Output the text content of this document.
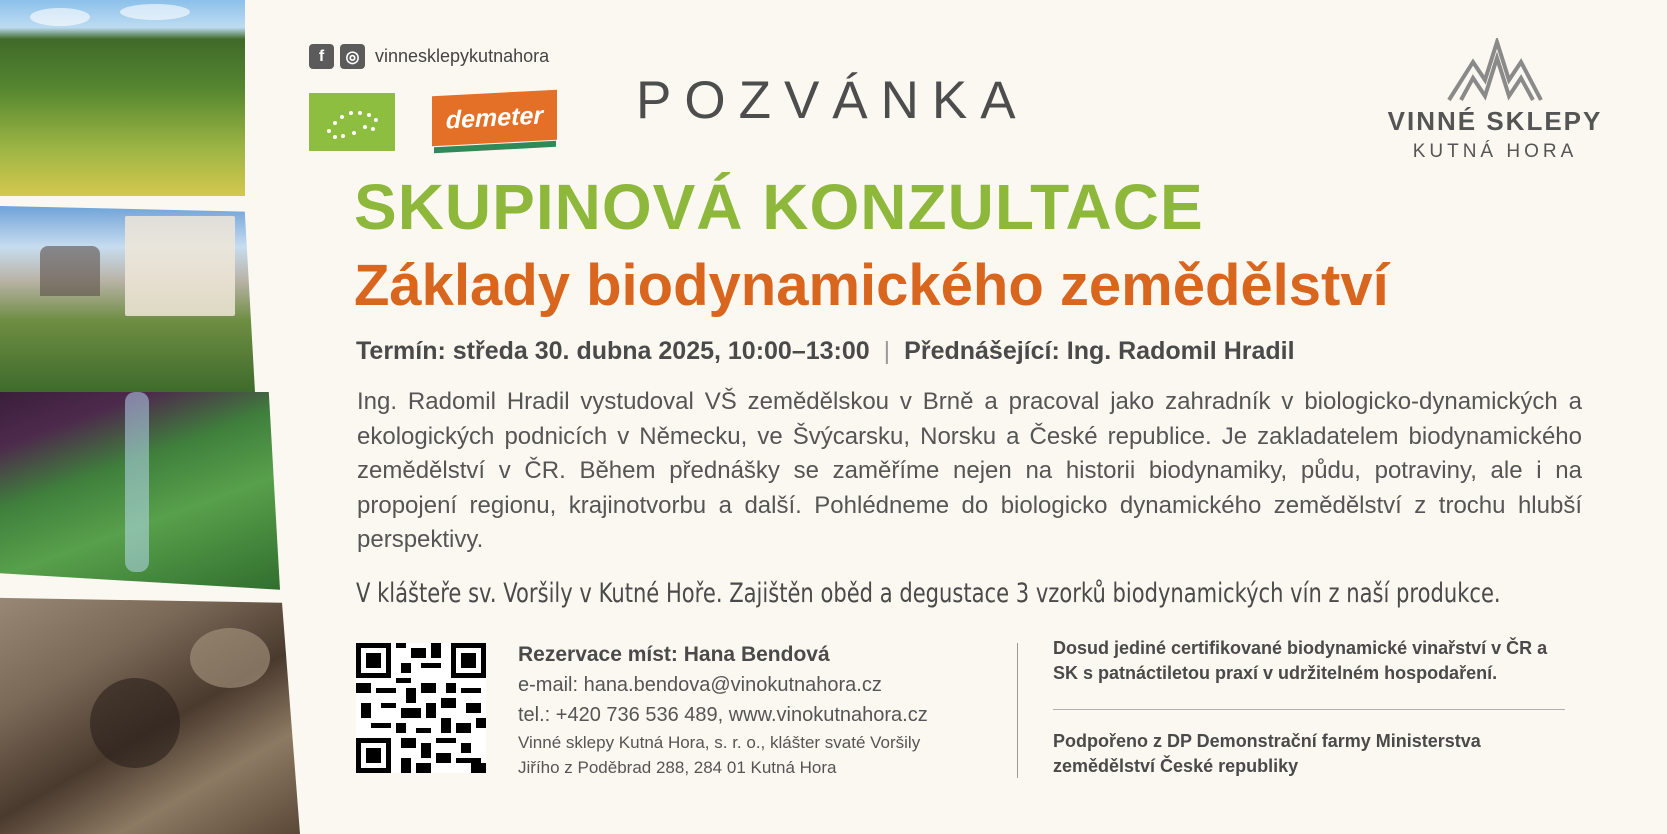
f ◎ vinnesklepykutnahora
demeter POZVÁNKA	VINNÉ SKLEPY
KUTNÁ HORA
SKUPINOVÁ KONZULTACE
Základy biodynamického zemědělství
Termín: středa 30. dubna 2025, 10:00–13:00 | Přednášející: Ing. Radomil Hradil
Ing. Radomil Hradil vystudoval VŠ zemědělskou v Brně a pracoval jako zahradník v biologicko-dynamických a ekologických podnicích v Německu, ve Švýcarsku, Norsku a České republice. Je zakladatelem biodynamického zemědělství v ČR. Během přednášky se zaměříme nejen na historii biodynamiky, půdu, potraviny, ale i na propojení regionu, krajinotvorbu a další. Pohlédneme do biologicko dynamického zemědělství z trochu hlubší perspektivy.
V klášteře sv. Voršily v Kutné Hoře. Zajištěn oběd a degustace 3 vzorků biodynamických vín z naší produkce.
Rezervace míst: Hana Bendová
e-mail: hana.bendova@vinokutnahora.cz
tel.: +420 736 536 489, www.vinokutnahora.cz
Vinné sklepy Kutná Hora, s. r. o., klášter svaté Voršily
Jiřího z Poděbrad 288, 284 01 Kutná Hora
Dosud jediné certifikované biodynamické vinařství v ČR a SK s patnáctiletou praxí v udržitelném hospodaření.
Podpořeno z DP Demonstrační farmy Ministerstva zemědělství České republiky
